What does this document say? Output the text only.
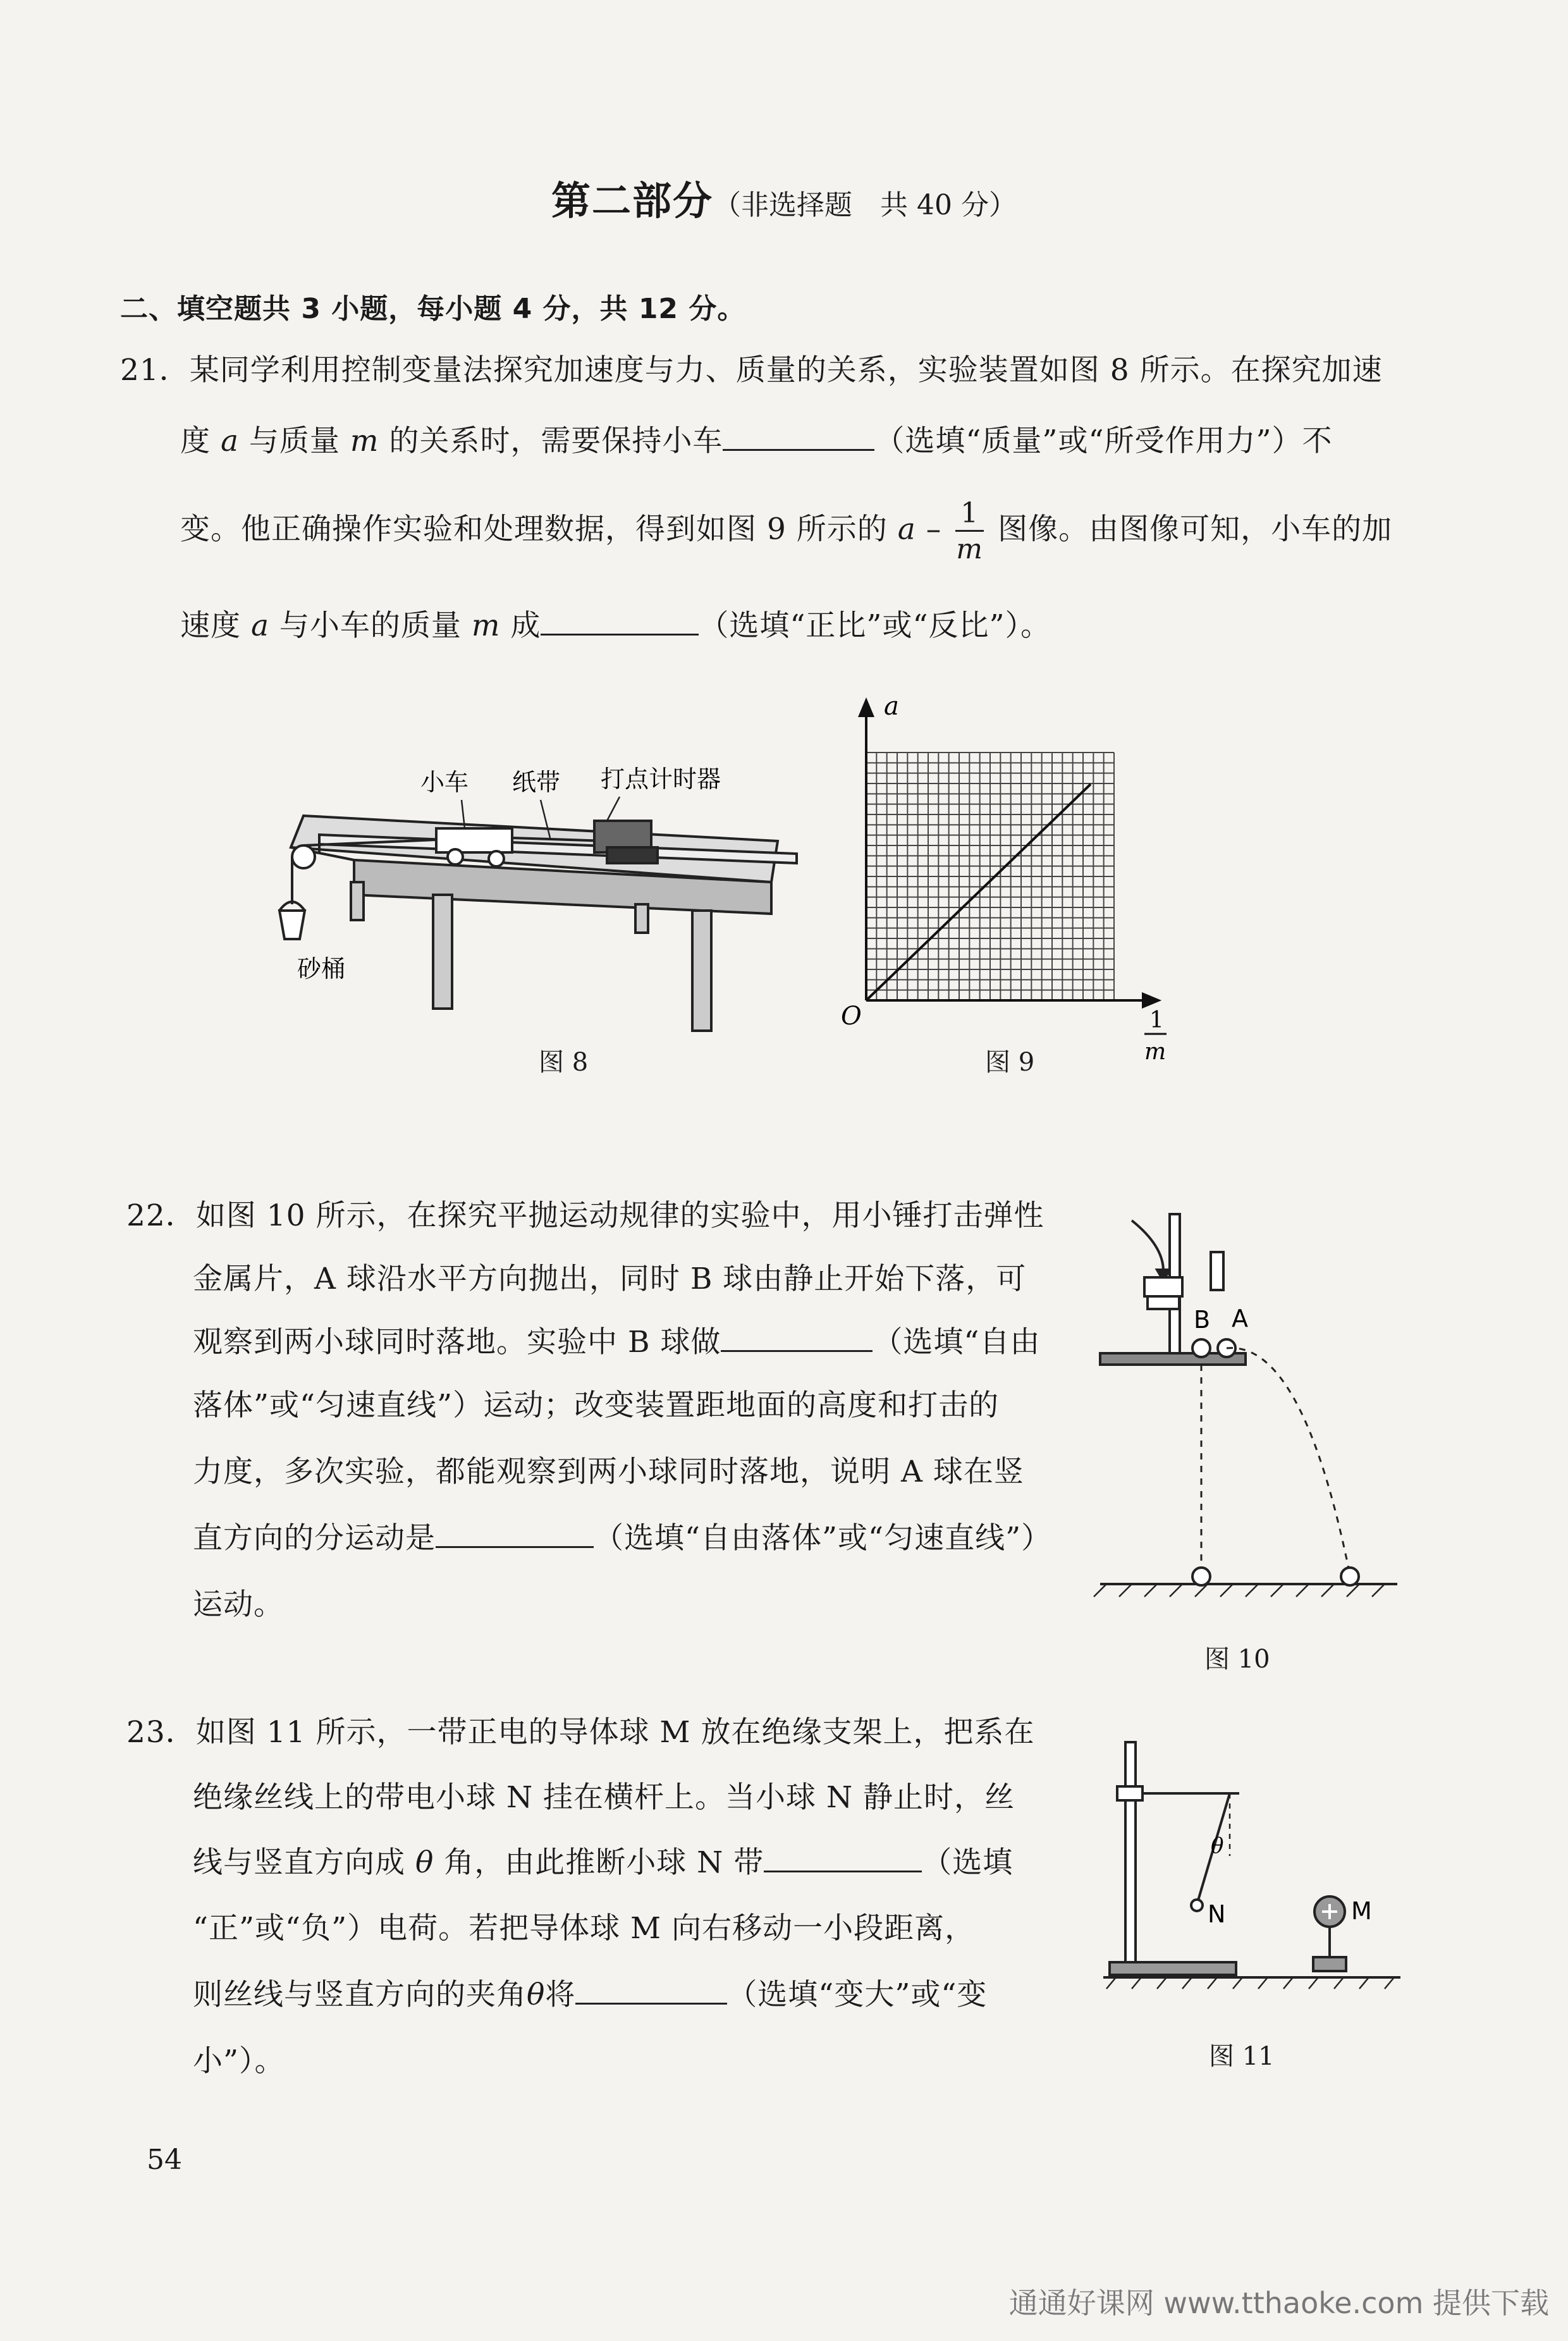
第二部分（非选择题　共 40 分）
二、填空题共 3 小题，每小题 4 分，共 12 分。
21．某同学利用控制变量法探究加速度与力、质量的关系，实验装置如图 8 所示。在探究加速
度 a 与质量 m 的关系时，需要保持小车	（选填“质量”或“所受作用力”）不
变。他正确操作实验和处理数据，得到如图 9 所示的 a – $\frac{1}{m}$ 图像。由图像可知，小车的加
速度 a 与小车的质量 m 成	（选填“正比”或“反比”）。
小车 纸带 打点计时器
砂桶
图 8
a
O	1
m
图 9
22．如图 10 所示，在探究平抛运动规律的实验中，用小锤打击弹性
金属片，A 球沿水平方向抛出，同时 B 球由静止开始下落，可
观察到两小球同时落地。实验中 B 球做	（选填“自由
落体”或“匀速直线”）运动；改变装置距地面的高度和打击的
力度，多次实验，都能观察到两小球同时落地，说明 A 球在竖
直方向的分运动是	（选填“自由落体”或“匀速直线”）
运动。
B A
图 10
23．如图 11 所示，一带正电的导体球 M 放在绝缘支架上，把系在
绝缘丝线上的带电小球 N 挂在横杆上。当小球 N 静止时，丝
线与竖直方向成 θ 角，由此推断小球 N 带	（选填
“正”或“负”）电荷。若把导体球 M 向右移动一小段距离，
则丝线与竖直方向的夹角θ将	（选填“变大”或“变
小”）。
N	M
θ
图 11
54
通通好课网 www.tthaoke.com 提供下载
